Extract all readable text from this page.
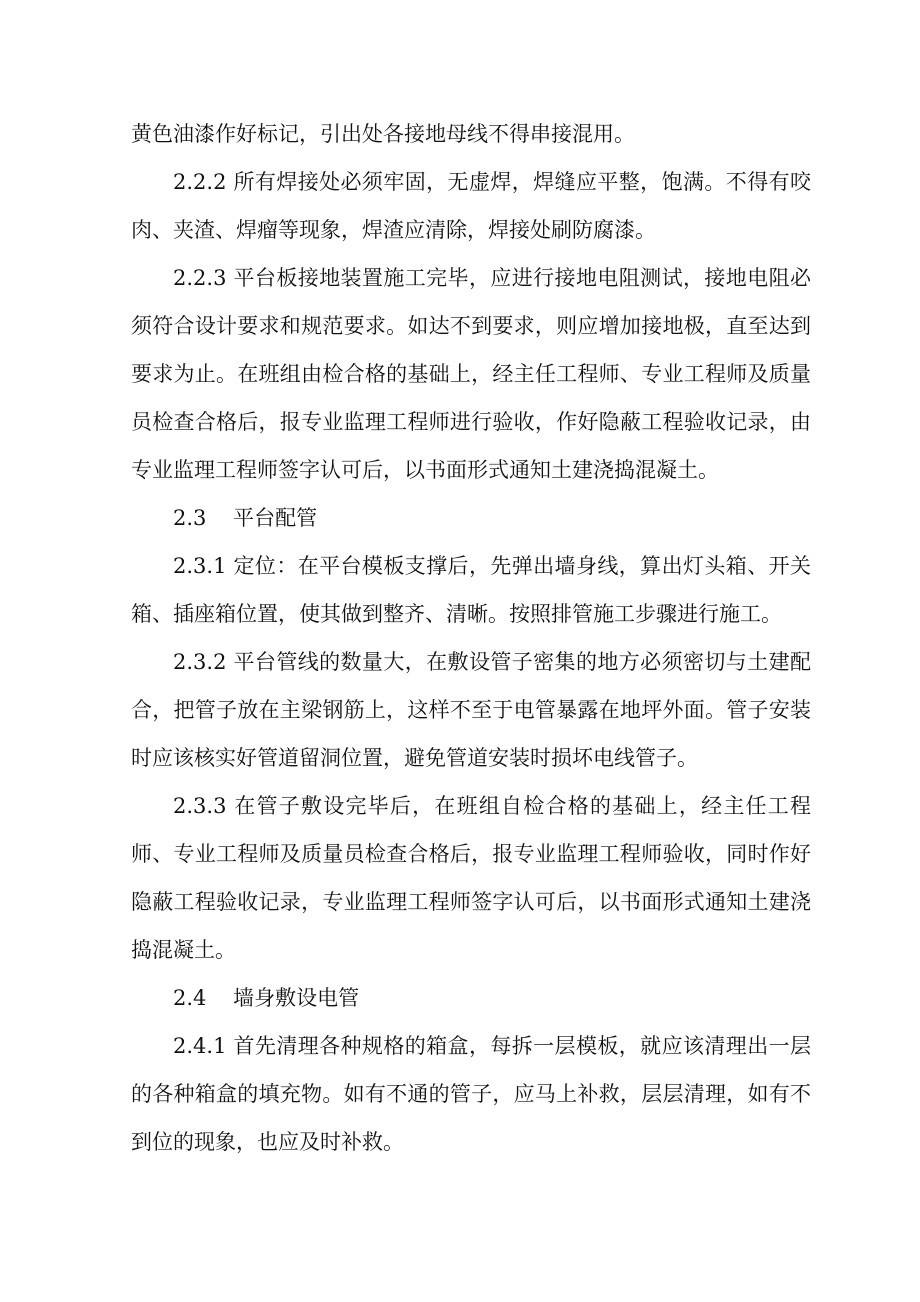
黄色油漆作好标记，引出处各接地母线不得串接混用。

2.2.2 所有焊接处必须牢固，无虚焊，焊缝应平整，饱满。不得有咬肉、夹渣、焊瘤等现象，焊渣应清除，焊接处刷防腐漆。

2.2.3 平台板接地装置施工完毕，应进行接地电阻测试，接地电阻必须符合设计要求和规范要求。如达不到要求，则应增加接地极，直至达到要求为止。在班组由检合格的基础上，经主任工程师、专业工程师及质量员检查合格后，报专业监理工程师进行验收，作好隐蔽工程验收记录，由专业监理工程师签字认可后，以书面形式通知土建浇捣混凝土。

2.3    平台配管

2.3.1 定位：在平台模板支撑后，先弹出墙身线，算出灯头箱、开关箱、插座箱位置，使其做到整齐、清晰。按照排管施工步骤进行施工。

2.3.2 平台管线的数量大，在敷设管子密集的地方必须密切与土建配合，把管子放在主梁钢筋上，这样不至于电管暴露在地坪外面。管子安装时应该核实好管道留洞位置，避免管道安装时损坏电线管子。

2.3.3 在管子敷设完毕后，在班组自检合格的基础上，经主任工程师、专业工程师及质量员检查合格后，报专业监理工程师验收，同时作好隐蔽工程验收记录，专业监理工程师签字认可后，以书面形式通知土建浇捣混凝土。

2.4    墙身敷设电管

2.4.1 首先清理各种规格的箱盒，每拆一层模板，就应该清理出一层的各种箱盒的填充物。如有不通的管子，应马上补救，层层清理，如有不到位的现象，也应及时补救。
